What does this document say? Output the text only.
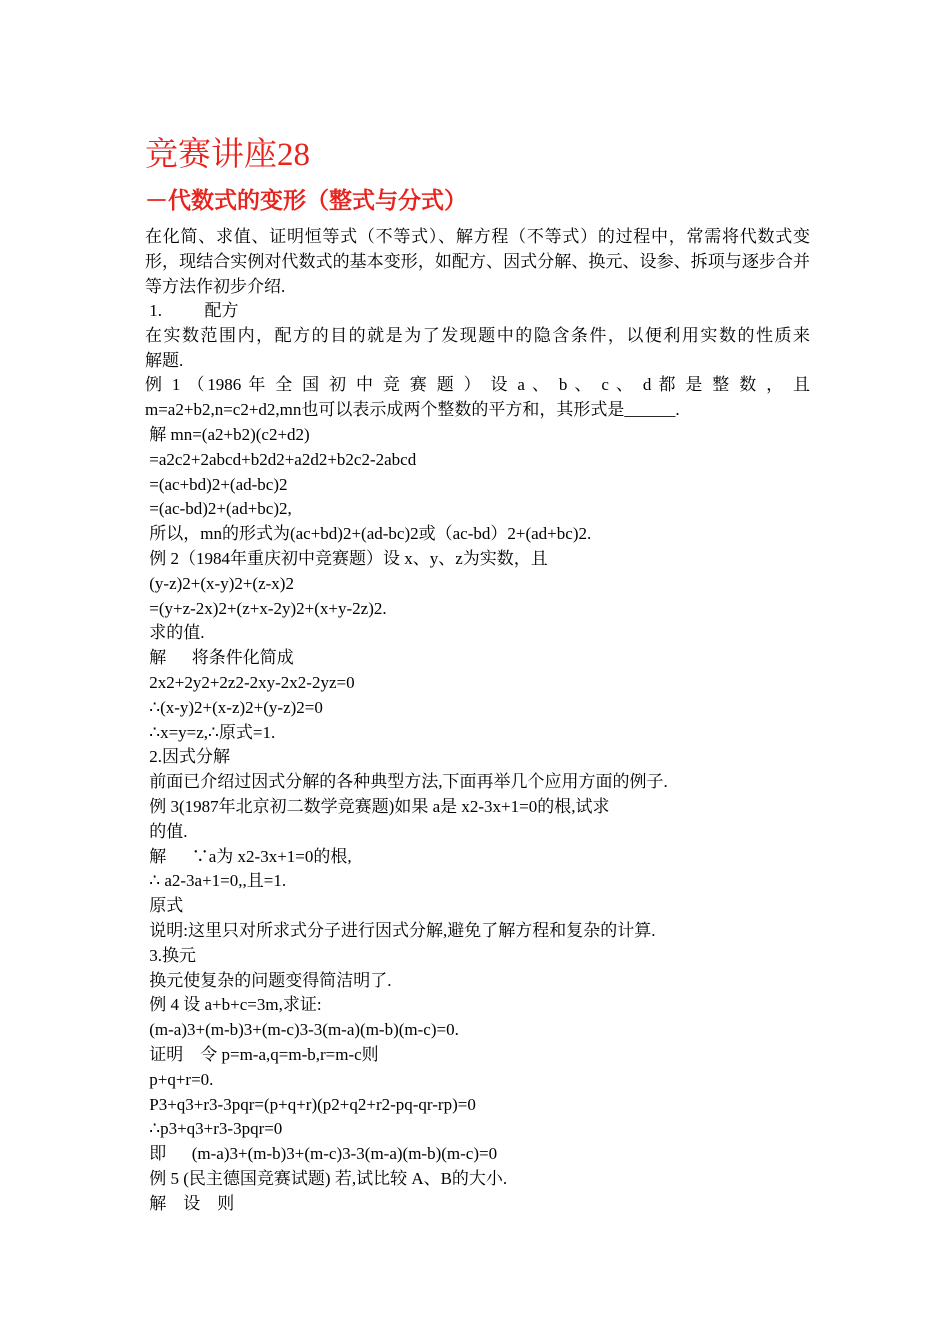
竞赛讲座28
－代数式的变形（整式与分式）

在化简、求值、证明恒等式（不等式）、解方程（不等式）的过程中，常需将代数式变形，现结合实例对代数式的基本变形，如配方、因式分解、换元、设参、拆项与逐步合并等方法作初步介绍.

1.          配方
在实数范围内，配方的目的就是为了发现题中的隐含条件，以便利用实数的性质来
解题.
例 1 （1986 年 全 国 初 中 竞 赛 题 ） 设 a 、 b 、 c 、 d 都 是 整 数 ， 且
m=a2+b2,n=c2+d2,mn也可以表示成两个整数的平方和，其形式是______.
解 mn=(a2+b2)(c2+d2)
=a2c2+2abcd+b2d2+a2d2+b2c2-2abcd
=(ac+bd)2+(ad-bc)2
=(ac-bd)2+(ad+bc)2,
所以，mn的形式为(ac+bd)2+(ad-bc)2或（ac-bd）2+(ad+bc)2.
例 2（1984年重庆初中竞赛题）设 x、y、z为实数，且
(y-z)2+(x-y)2+(z-x)2
=(y+z-2x)2+(z+x-2y)2+(x+y-2z)2.
求的值.
解      将条件化简成
2x2+2y2+2z2-2xy-2x2-2yz=0
∴(x-y)2+(x-z)2+(y-z)2=0
∴x=y=z,∴原式=1.
2.因式分解
前面已介绍过因式分解的各种典型方法,下面再举几个应用方面的例子.
例 3(1987年北京初二数学竞赛题)如果 a是 x2-3x+1=0的根,试求
的值.
解      ∵a为 x2-3x+1=0的根,
∴ a2-3a+1=0,,且=1.
原式
说明:这里只对所求式分子进行因式分解,避免了解方程和复杂的计算.
3.换元
换元使复杂的问题变得简洁明了.
例 4 设 a+b+c=3m,求证:
(m-a)3+(m-b)3+(m-c)3-3(m-a)(m-b)(m-c)=0.
证明    令 p=m-a,q=m-b,r=m-c则
p+q+r=0.
P3+q3+r3-3pqr=(p+q+r)(p2+q2+r2-pq-qr-rp)=0
∴p3+q3+r3-3pqr=0
即      (m-a)3+(m-b)3+(m-c)3-3(m-a)(m-b)(m-c)=0
例 5 (民主德国竞赛试题) 若,试比较 A、B的大小.
解    设    则
